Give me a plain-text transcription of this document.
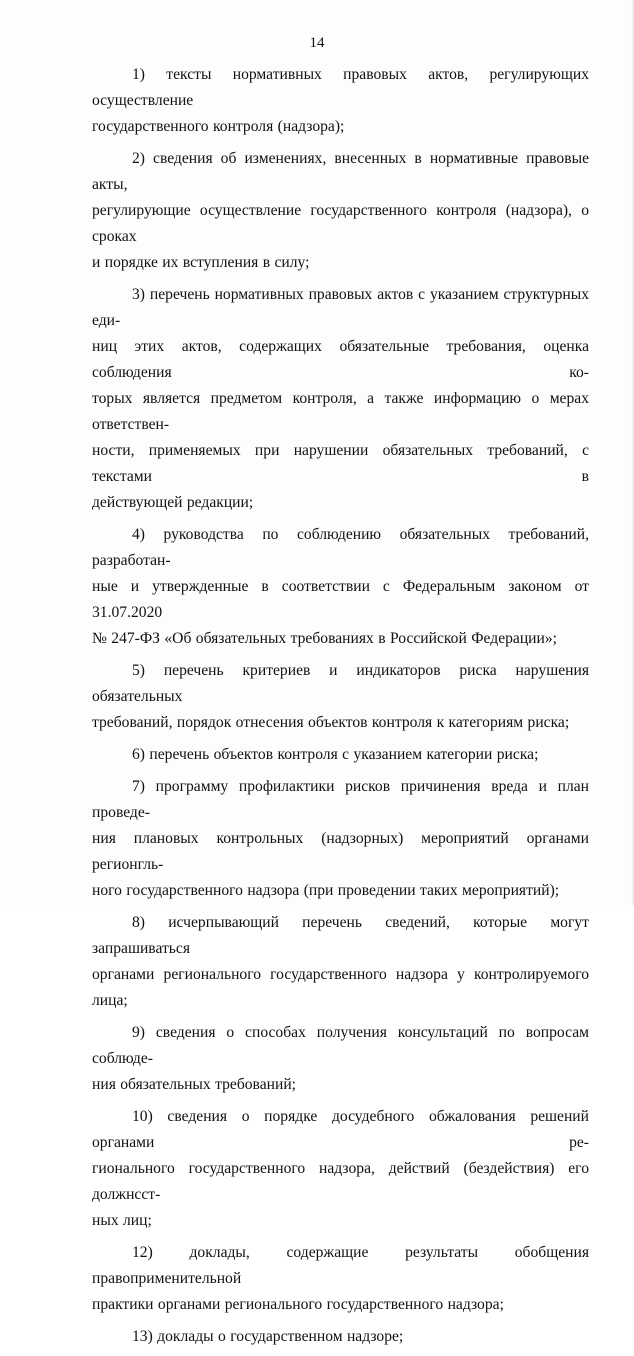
14
1) тексты нормативных правовых актов, регулирующих осуществление
государственного контроля (надзора);
2) сведения об изменениях, внесенных в нормативные правовые акты,
регулирующие осуществление государственного контроля (надзора), о сроках
и порядке их вступления в силу;
3) перечень нормативных правовых актов с указанием структурных еди-
ниц этих актов, содержащих обязательные требования, оценка соблюдения ко-
торых является предметом контроля, а также информацию о мерах ответствен-
ности, применяемых при нарушении обязательных требований, с текстами в
действующей редакции;
4) руководства по соблюдению обязательных требований, разработан-
ные и утвержденные в соответствии с Федеральным законом от 31.07.2020
№ 247-ФЗ «Об обязательных требованиях в Российской Федерации»;
5) перечень критериев и индикаторов риска нарушения обязательных
требований, порядок отнесения объектов контроля к категориям риска;
6) перечень объектов контроля с указанием категории риска;
7) программу профилактики рисков причинения вреда и план проведе-
ния плановых контрольных (надзорных) мероприятий органами регионгль-
ного государственного надзора (при проведении таких мероприятий);
8) исчерпывающий перечень сведений, которые могут запрашиваться
органами регионального государственного надзора у контролируемого лица;
9) сведения о способах получения консультаций по вопросам соблюде-
ния обязательных требований;
10) сведения о порядке досудебного обжалования решений органами ре-
гионального государственного надзора, действий (бездействия) его должнсст-
ных лиц;
12) доклады, содержащие результаты обобщения правоприменительной
практики органами регионального государственного надзора;
13) доклады о государственном надзоре;
